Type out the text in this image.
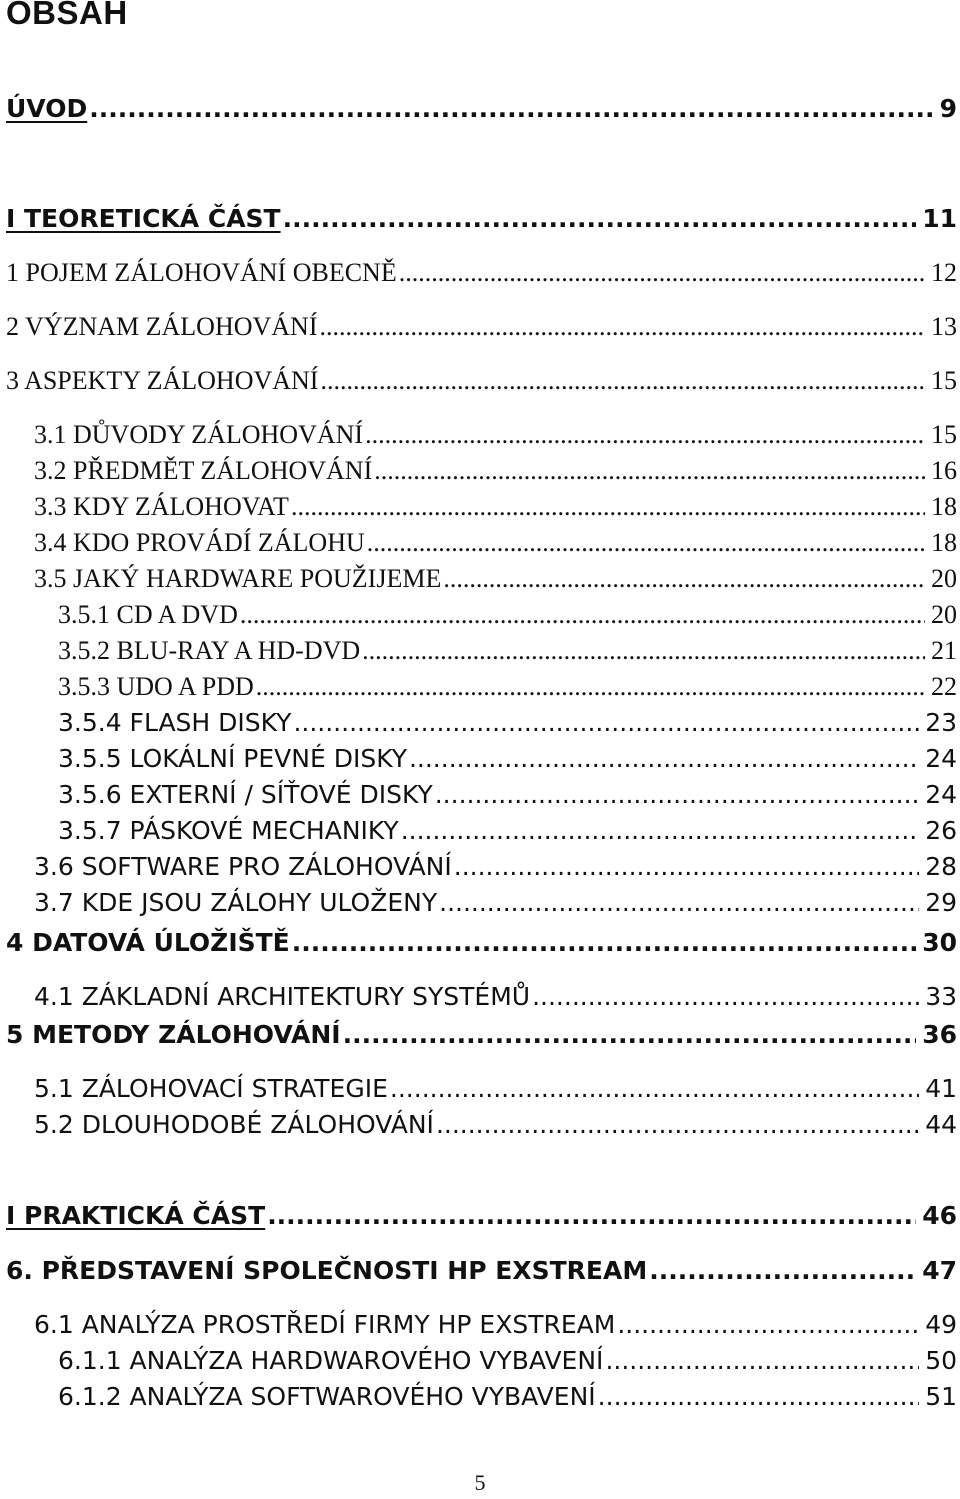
OBSAH
ÚVOD .....	9
I TEORETICKÁ ČÁST .....	11
1 POJEM ZÁLOHOVÁNÍ OBECNĚ .....	12
2 VÝZNAM ZÁLOHOVÁNÍ .....	13
3 ASPEKTY ZÁLOHOVÁNÍ .....	15
3.1 DŮVODY ZÁLOHOVÁNÍ .....	15
3.2 PŘEDMĚT ZÁLOHOVÁNÍ .....	16
3.3 KDY ZÁLOHOVAT .....	18
3.4 KDO PROVÁDÍ ZÁLOHU .....	18
3.5 JAKÝ HARDWARE POUŽIJEME .....	20
3.5.1 CD A DVD .....	20
3.5.2 BLU-RAY A HD-DVD .....	21
3.5.3 UDO A PDD .....	22
3.5.4 FLASH DISKY .....	23
3.5.5 LOKÁLNÍ PEVNÉ DISKY .....	24
3.5.6 EXTERNÍ / SÍŤOVÉ DISKY .....	24
3.5.7 PÁSKOVÉ MECHANIKY .....	26
3.6 SOFTWARE PRO ZÁLOHOVÁNÍ .....	28
3.7 KDE JSOU ZÁLOHY ULOŽENY .....	29
4 DATOVÁ ÚLOŽIŠTĚ .....	30
4.1 ZÁKLADNÍ ARCHITEKTURY SYSTÉMŮ .....	33
5 METODY ZÁLOHOVÁNÍ .....	36
5.1 ZÁLOHOVACÍ STRATEGIE .....	41
5.2 DLOUHODOBÉ ZÁLOHOVÁNÍ .....	44
I PRAKTICKÁ ČÁST .....	46
6. PŘEDSTAVENÍ SPOLEČNOSTI HP EXSTREAM .....	47
6.1 ANALÝZA PROSTŘEDÍ FIRMY HP EXSTREAM .....	49
6.1.1 ANALÝZA HARDWAROVÉHO VYBAVENÍ .....	50
6.1.2 ANALÝZA SOFTWAROVÉHO VYBAVENÍ .....	51
5
